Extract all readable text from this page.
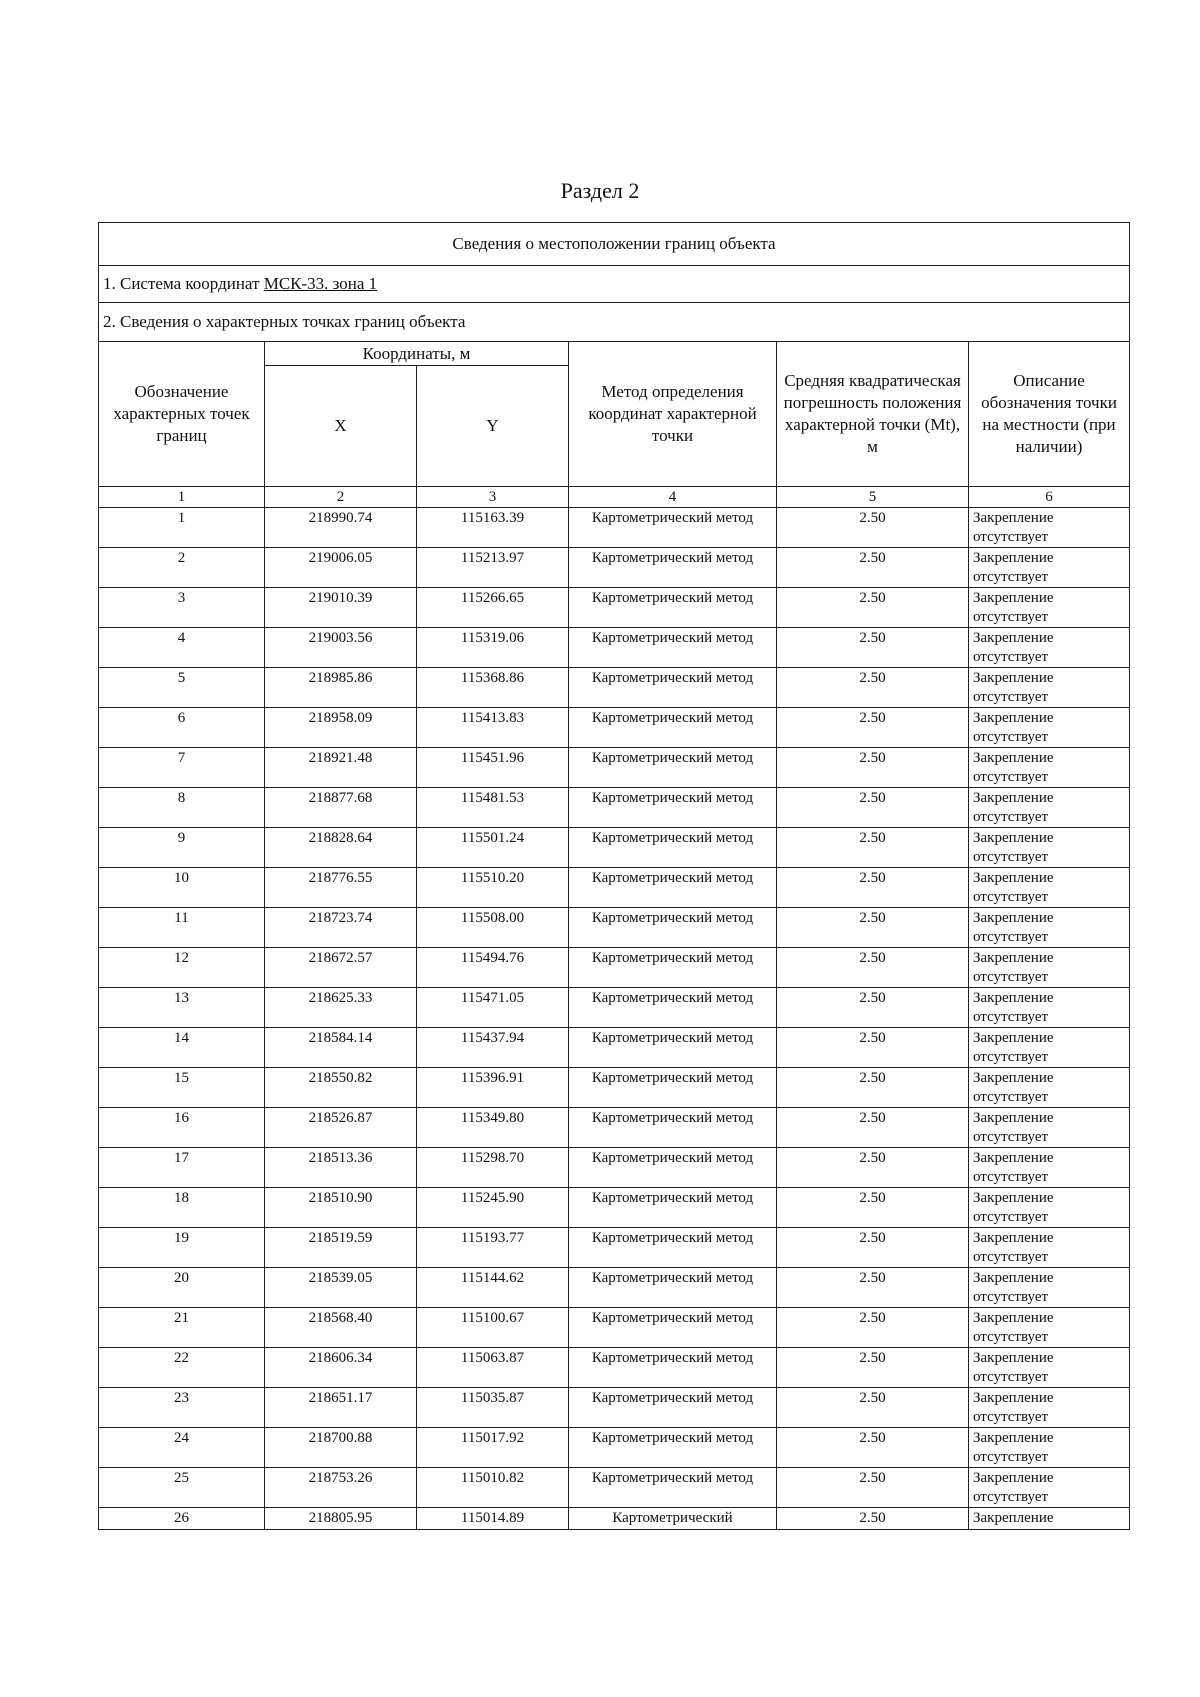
Раздел 2
Сведения о местоположении границ объекта					
1. Система координат МСК-33. зона 1					
2. Сведения о характерных точках границ объекта					
Обозначение характерных точек границ	Координаты, м		Метод определения координат характерной точки	Средняя квадратическая погрешность положения характерной точки (Mt), м	Описание обозначения точки на местности (при наличии)
	X	Y			
1	2	3	4	5	6
1	218990.74	115163.39	Картометрический метод	2.50	Закрепление отсутствует
2	219006.05	115213.97	Картометрический метод	2.50	Закрепление отсутствует
3	219010.39	115266.65	Картометрический метод	2.50	Закрепление отсутствует
4	219003.56	115319.06	Картометрический метод	2.50	Закрепление отсутствует
5	218985.86	115368.86	Картометрический метод	2.50	Закрепление отсутствует
6	218958.09	115413.83	Картометрический метод	2.50	Закрепление отсутствует
7	218921.48	115451.96	Картометрический метод	2.50	Закрепление отсутствует
8	218877.68	115481.53	Картометрический метод	2.50	Закрепление отсутствует
9	218828.64	115501.24	Картометрический метод	2.50	Закрепление отсутствует
10	218776.55	115510.20	Картометрический метод	2.50	Закрепление отсутствует
11	218723.74	115508.00	Картометрический метод	2.50	Закрепление отсутствует
12	218672.57	115494.76	Картометрический метод	2.50	Закрепление отсутствует
13	218625.33	115471.05	Картометрический метод	2.50	Закрепление отсутствует
14	218584.14	115437.94	Картометрический метод	2.50	Закрепление отсутствует
15	218550.82	115396.91	Картометрический метод	2.50	Закрепление отсутствует
16	218526.87	115349.80	Картометрический метод	2.50	Закрепление отсутствует
17	218513.36	115298.70	Картометрический метод	2.50	Закрепление отсутствует
18	218510.90	115245.90	Картометрический метод	2.50	Закрепление отсутствует
19	218519.59	115193.77	Картометрический метод	2.50	Закрепление отсутствует
20	218539.05	115144.62	Картометрический метод	2.50	Закрепление отсутствует
21	218568.40	115100.67	Картометрический метод	2.50	Закрепление отсутствует
22	218606.34	115063.87	Картометрический метод	2.50	Закрепление отсутствует
23	218651.17	115035.87	Картометрический метод	2.50	Закрепление отсутствует
24	218700.88	115017.92	Картометрический метод	2.50	Закрепление отсутствует
25	218753.26	115010.82	Картометрический метод	2.50	Закрепление отсутствует
26	218805.95	115014.89	Картометрический	2.50	Закрепление
